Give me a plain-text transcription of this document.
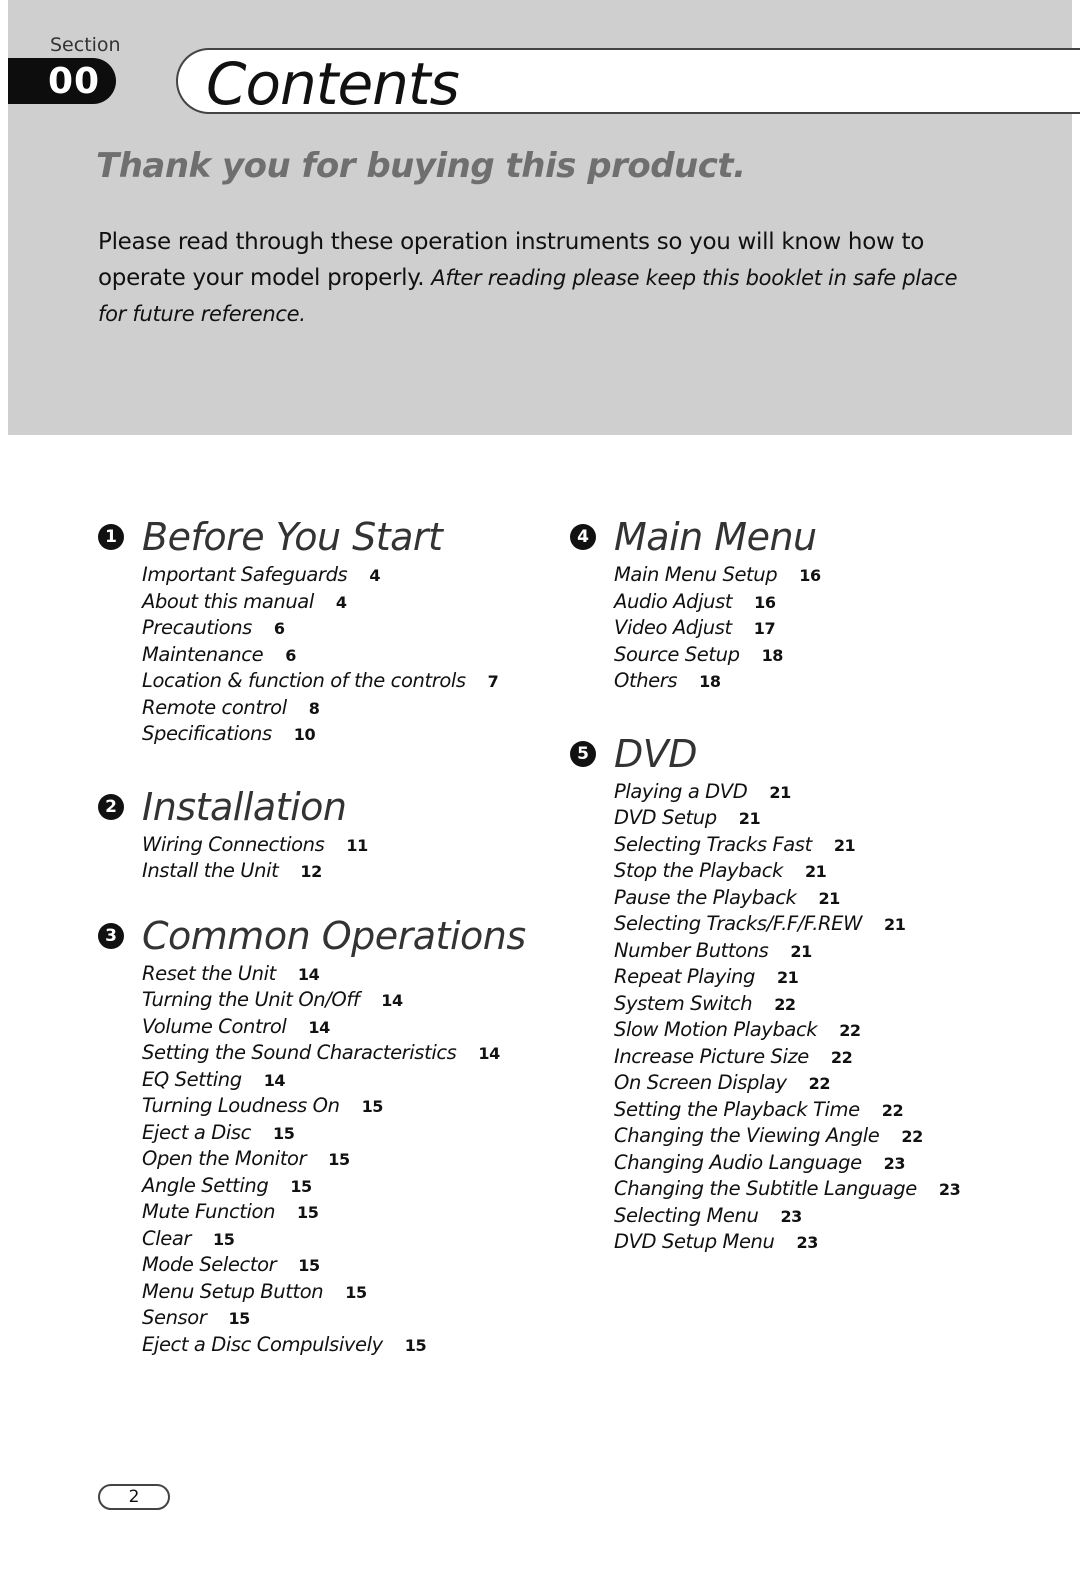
Section
00 Contents
Thank you for buying this product.
Please read through these operation instruments so you will know how to operate your model properly. After reading please keep this booklet in safe place for future reference.
1 Before You Start
Important Safeguards 4
About this manual 4
Precautions 6
Maintenance 6
Location & function of the controls 7
Remote control 8
Specifications 10
2 Installation
Wiring Connections 11
Install the Unit 12
3 Common Operations
Reset the Unit 14
Turning the Unit On/Off 14
Volume Control 14
Setting the Sound Characteristics 14
EQ Setting 14
Turning Loudness On 15
Eject a Disc 15
Open the Monitor 15
Angle Setting 15
Mute Function 15
Clear 15
Mode Selector 15
Menu Setup Button 15
Sensor 15
Eject a Disc Compulsively 15
4 Main Menu
Main Menu Setup 16
Audio Adjust 16
Video Adjust 17
Source Setup 18
Others 18
5 DVD
Playing a DVD 21
DVD Setup 21
Selecting Tracks Fast 21
Stop the Playback 21
Pause the Playback 21
Selecting Tracks/F.F/F.REW 21
Number Buttons 21
Repeat Playing 21
System Switch 22
Slow Motion Playback 22
Increase Picture Size 22
On Screen Display 22
Setting the Playback Time 22
Changing the Viewing Angle 22
Changing Audio Language 23
Changing the Subtitle Language 23
Selecting Menu 23
DVD Setup Menu 23
2
